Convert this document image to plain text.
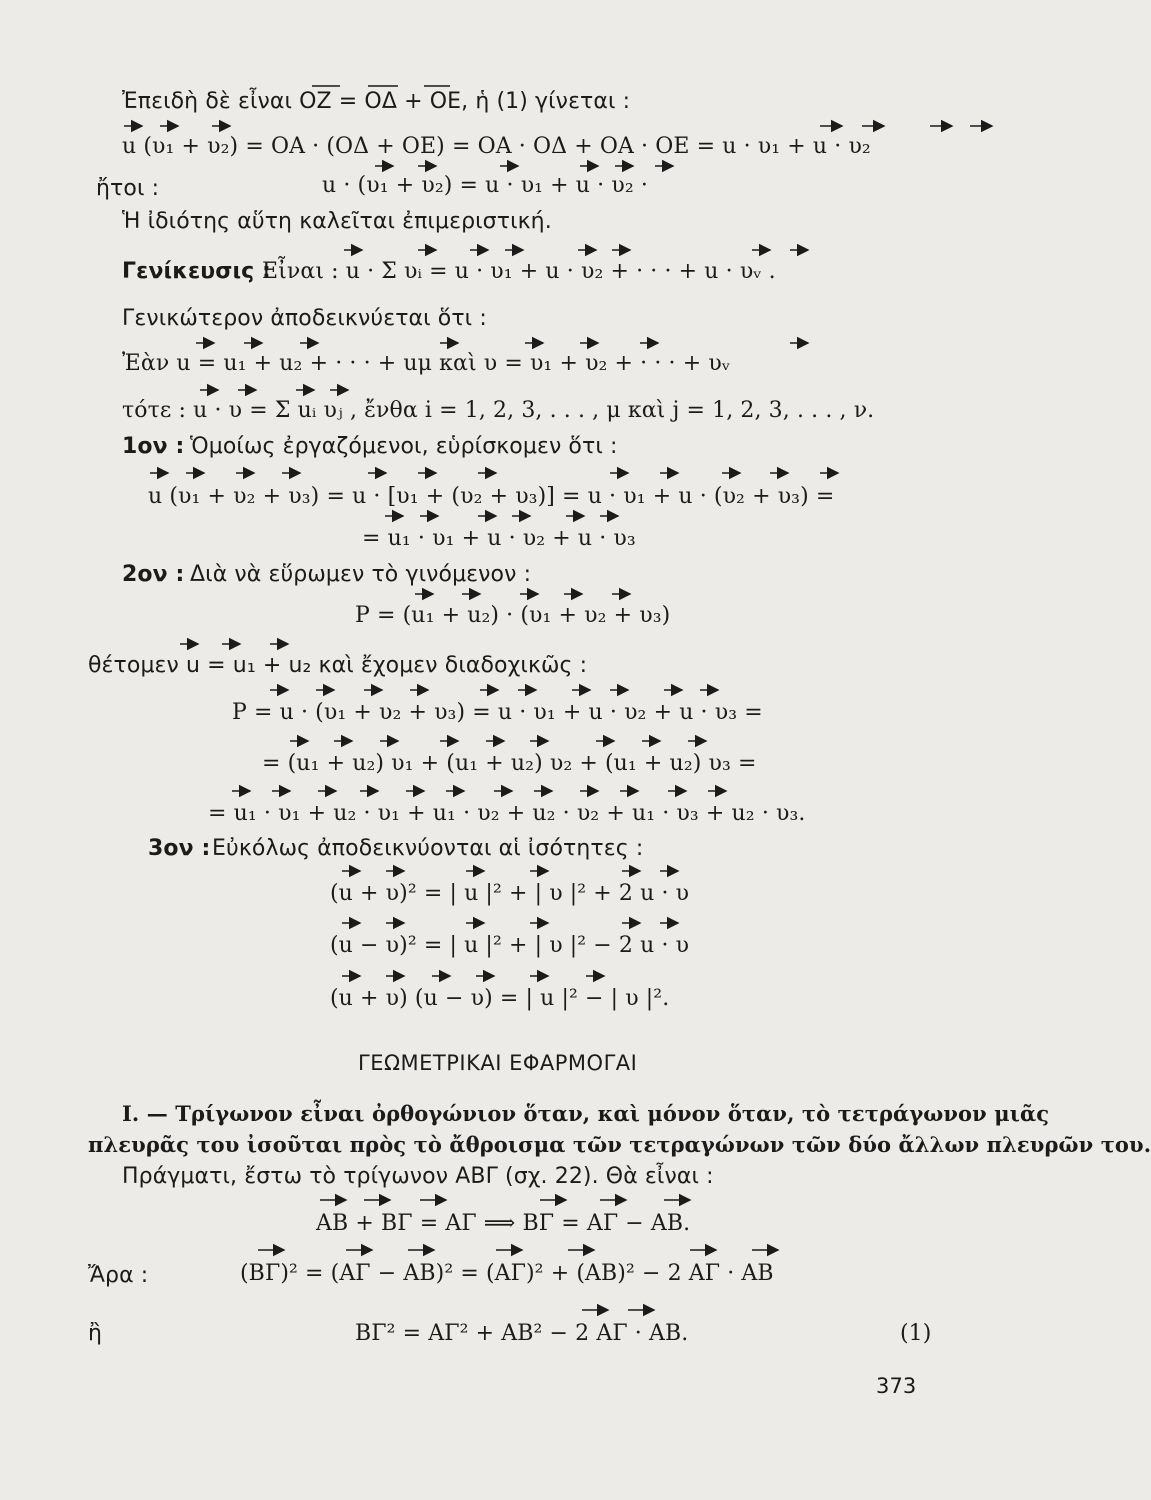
Ἐπειδὴ δὲ εἶναι OZ = OΔ + OE, ἡ (1) γίνεται :
u (υ₁ + υ₂) = OA · (OΔ + OE) = OA · OΔ + OA · OE = u · υ₁ + u · υ₂
ἤτοι :	u · (υ₁ + υ₂) = u · υ₁ + u · υ₂ ·
Ἡ ἰδιότης αὕτη καλεῖται ἐπιμεριστική.
Γενίκευσις :
Εἶναι : u · Σ υᵢ = u · υ₁ + u · υ₂ + · · · + u · υᵥ .
Γενικώτερον ἀποδεικνύεται ὅτι :
Ἐὰν u = u₁ + u₂ + · · · + uμ καὶ υ = υ₁ + υ₂ + · · · + υᵥ
τότε : u · υ = Σ uᵢ υⱼ , ἔνθα i = 1, 2, 3, . . . , μ καὶ j = 1, 2, 3, . . . , ν.
1ον : Ὁμοίως ἐργαζόμενοι, εὑρίσκομεν ὅτι :
u (υ₁ + υ₂ + υ₃) = u · [υ₁ + (υ₂ + υ₃)] = u · υ₁ + u · (υ₂ + υ₃) =
= u₁ · υ₁ + u · υ₂ + u · υ₃
2ον : Διὰ νὰ εὕρωμεν τὸ γινόμενον :
P = (u₁ + u₂) · (υ₁ + υ₂ + υ₃)
θέτομεν u = u₁ + u₂ καὶ ἔχομεν διαδοχικῶς :
P = u · (υ₁ + υ₂ + υ₃) = u · υ₁ + u · υ₂ + u · υ₃ =
= (u₁ + u₂) υ₁ + (u₁ + u₂) υ₂ + (u₁ + u₂) υ₃ =
= u₁ · υ₁ + u₂ · υ₁ + u₁ · υ₂ + u₂ · υ₂ + u₁ · υ₃ + u₂ · υ₃.
3ον : Εὐκόλως ἀποδεικνύονται αἱ ἰσότητες :
(u + υ)² = | u |² + | υ |² + 2 u · υ
(u − υ)² = | u |² + | υ |² − 2 u · υ
(u + υ) (u − υ) = | u |² − | υ |².
ΓΕΩΜΕΤΡΙΚΑΙ ΕΦΑΡΜΟΓΑΙ
Ι. — Τρίγωνον εἶναι ὀρθογώνιον ὅταν, καὶ μόνον ὅταν, τὸ τετράγωνον μιᾶς
πλευρᾶς του ἰσοῦται πρὸς τὸ ἄθροισμα τῶν τετραγώνων τῶν δύο ἄλλων πλευρῶν του.
Πράγματι, ἔστω τὸ τρίγωνον ΑΒΓ (σχ. 22). Θὰ εἶναι :
ΑΒ + ΒΓ = ΑΓ ⟹ ΒΓ = ΑΓ − ΑΒ.
Ἄρα :	(ΒΓ)² = (ΑΓ − ΑΒ)² = (ΑΓ)² + (ΑΒ)² − 2 ΑΓ · ΑΒ
ἢ	ΒΓ² = ΑΓ² + ΑΒ² − 2 ΑΓ · ΑΒ.	(1)
373
